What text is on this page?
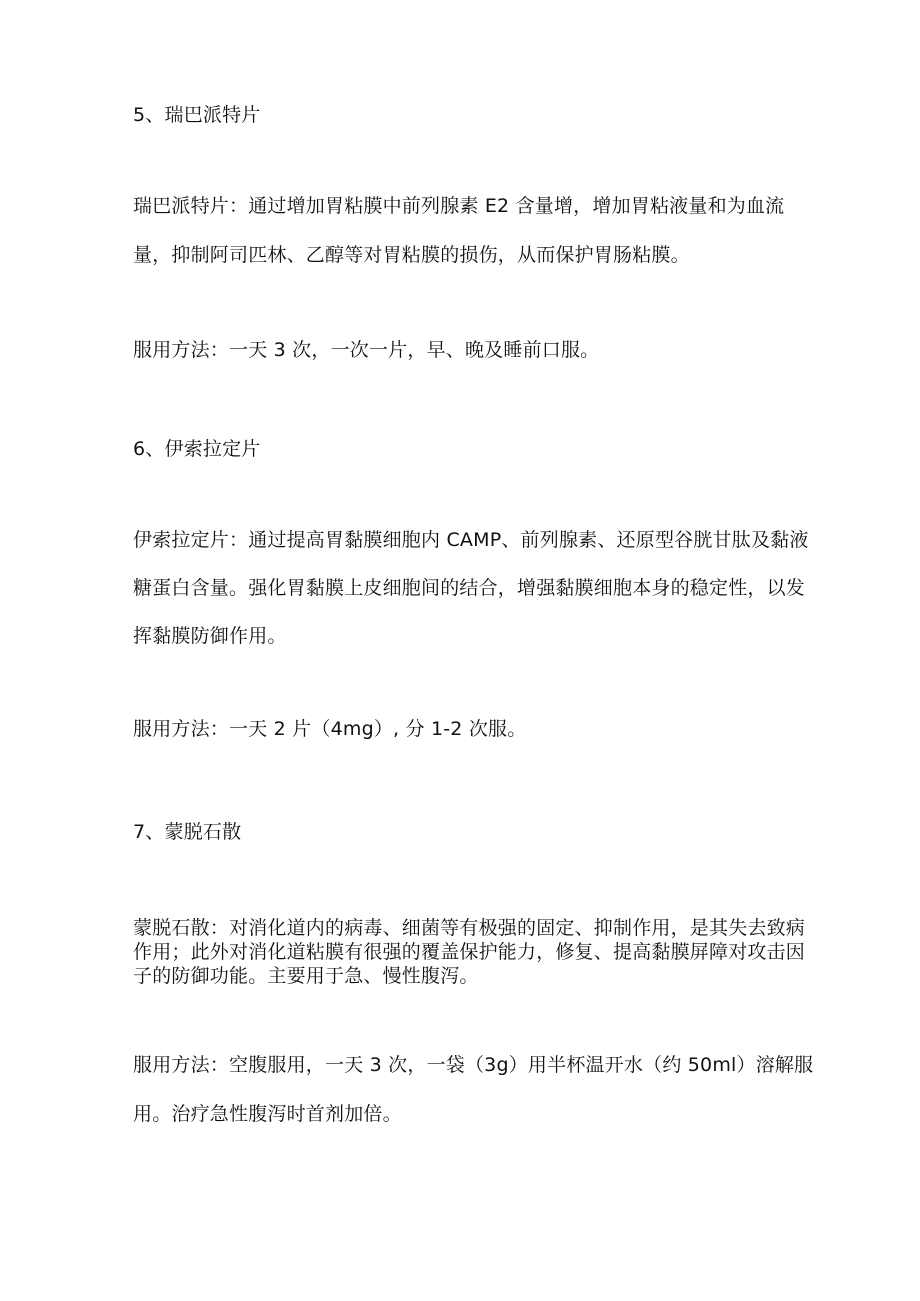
5、瑞巴派特片

瑞巴派特片：通过增加胃粘膜中前列腺素 E2 含量增，增加胃粘液量和为血流

量，抑制阿司匹林、乙醇等对胃粘膜的损伤，从而保护胃肠粘膜。

服用方法：一天 3 次，一次一片，早、晚及睡前口服。

6、伊索拉定片

伊索拉定片：通过提高胃黏膜细胞内 CAMP、前列腺素、还原型谷胱甘肽及黏液

糖蛋白含量。强化胃黏膜上皮细胞间的结合，增强黏膜细胞本身的稳定性，以发

挥黏膜防御作用。

服用方法：一天 2 片（4mg）, 分 1-2 次服。

7、蒙脱石散

蒙脱石散：对消化道内的病毒、细菌等有极强的固定、抑制作用，是其失去致病

作用；此外对消化道粘膜有很强的覆盖保护能力，修复、提高黏膜屏障对攻击因

子的防御功能。主要用于急、慢性腹泻。

服用方法：空腹服用，一天 3 次，一袋（3g）用半杯温开水（约 50ml）溶解服

用。治疗急性腹泻时首剂加倍。
